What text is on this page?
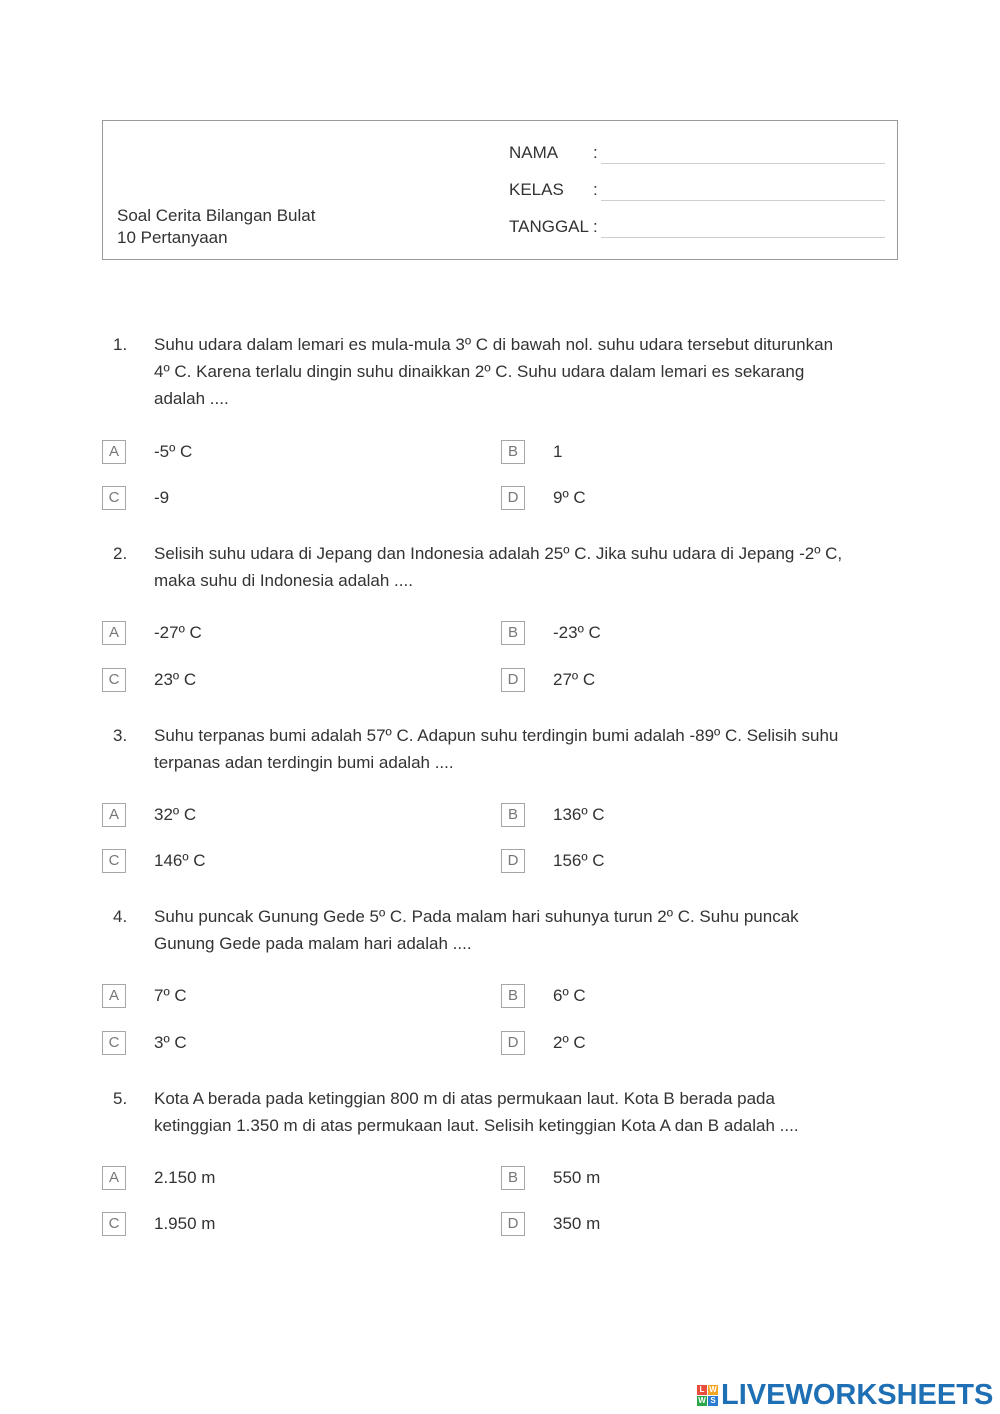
Soal Cerita Bilangan Bulat
10 Pertanyaan
NAMA :
KELAS :
TANGGAL :
1. Suhu udara dalam lemari es mula-mula 3º C di bawah nol. suhu udara tersebut diturunkan
4º C. Karena terlalu dingin suhu dinaikkan 2º C. Suhu udara dalam lemari es sekarang
adalah ....
A	-5º C	B	1
C	-9	D	9º C
2. Selisih suhu udara di Jepang dan Indonesia adalah 25º C. Jika suhu udara di Jepang -2º C,
maka suhu di Indonesia adalah ....
A	-27º C	B	-23º C
C	23º C	D	27º C
3. Suhu terpanas bumi adalah 57º C. Adapun suhu terdingin bumi adalah -89º C. Selisih suhu
terpanas adan terdingin bumi adalah ....
A	32º C	B	136º C
C	146º C	D	156º C
4. Suhu puncak Gunung Gede 5º C. Pada malam hari suhunya turun 2º C. Suhu puncak
Gunung Gede pada malam hari adalah ....
A	7º C	B	6º C
C	3º C	D	2º C
5. Kota A berada pada ketinggian 800 m di atas permukaan laut. Kota B berada pada
ketinggian 1.350 m di atas permukaan laut. Selisih ketinggian Kota A dan B adalah ....
A	2.150 m	B	550 m
C	1.950 m	D	350 m
L W
W S LIVEWORKSHEETS
